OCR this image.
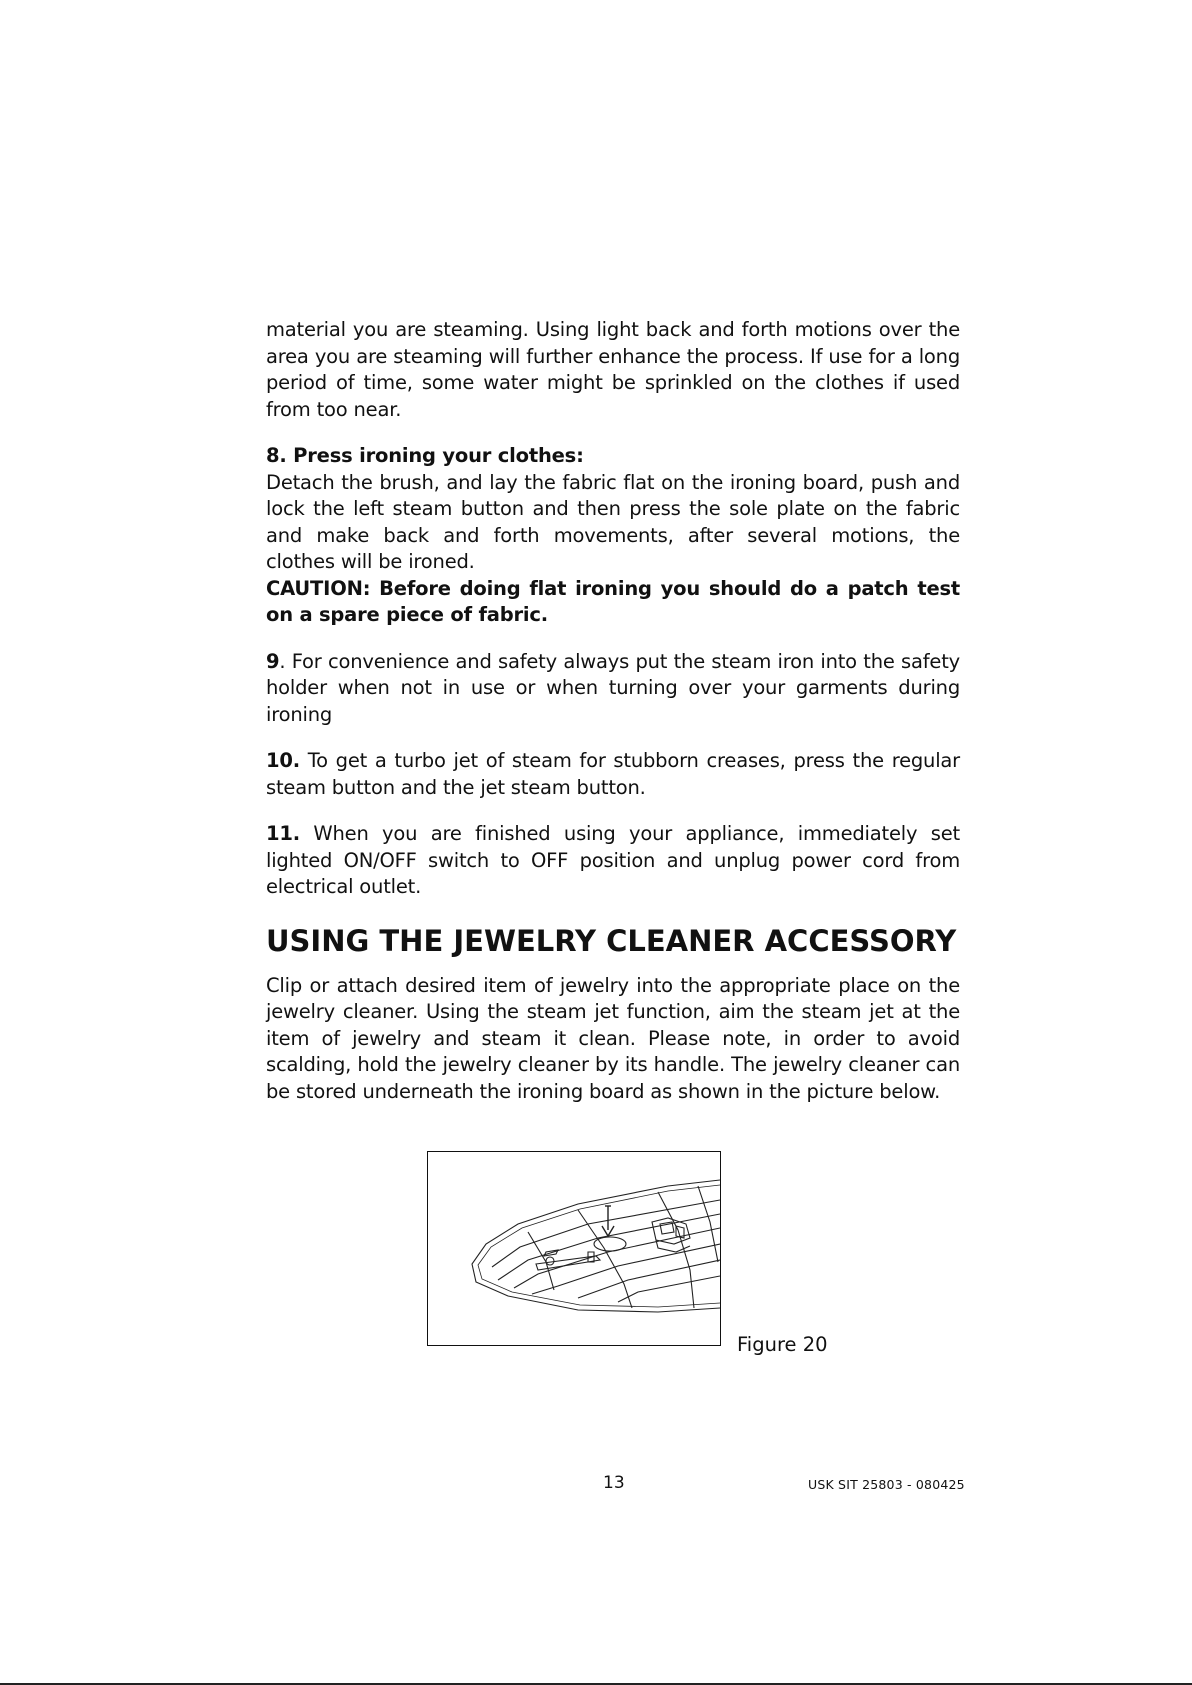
material you are steaming. Using light back and forth motions over the area you are steaming will further enhance the process. If use for a long period of time, some water might be sprinkled on the clothes if used from too near.

8. Press ironing your clothes:

Detach the brush, and lay the fabric flat on the ironing board, push and lock the left steam button and then press the sole plate on the fabric and make back and forth movements, after several motions, the clothes will be ironed.

CAUTION: Before doing flat ironing you should do a patch test on a spare piece of fabric.

9. For convenience and safety always put the steam iron into the safety holder when not in use or when turning over your garments during ironing

10. To get a turbo jet of steam for stubborn creases, press the regular steam button and the jet steam button.

11. When you are finished using your appliance, immediately set lighted ON/OFF switch to OFF position and unplug power cord from electrical outlet.

USING THE JEWELRY CLEANER ACCESSORY

Clip or attach desired item of jewelry into the appropriate place on the jewelry cleaner. Using the steam jet function, aim the steam jet at the item of jewelry and steam it clean. Please note, in order to avoid scalding, hold the jewelry cleaner by its handle. The jewelry cleaner can be stored underneath the ironing board as shown in the picture below.

Figure 20
13	USK SIT 25803 - 080425
